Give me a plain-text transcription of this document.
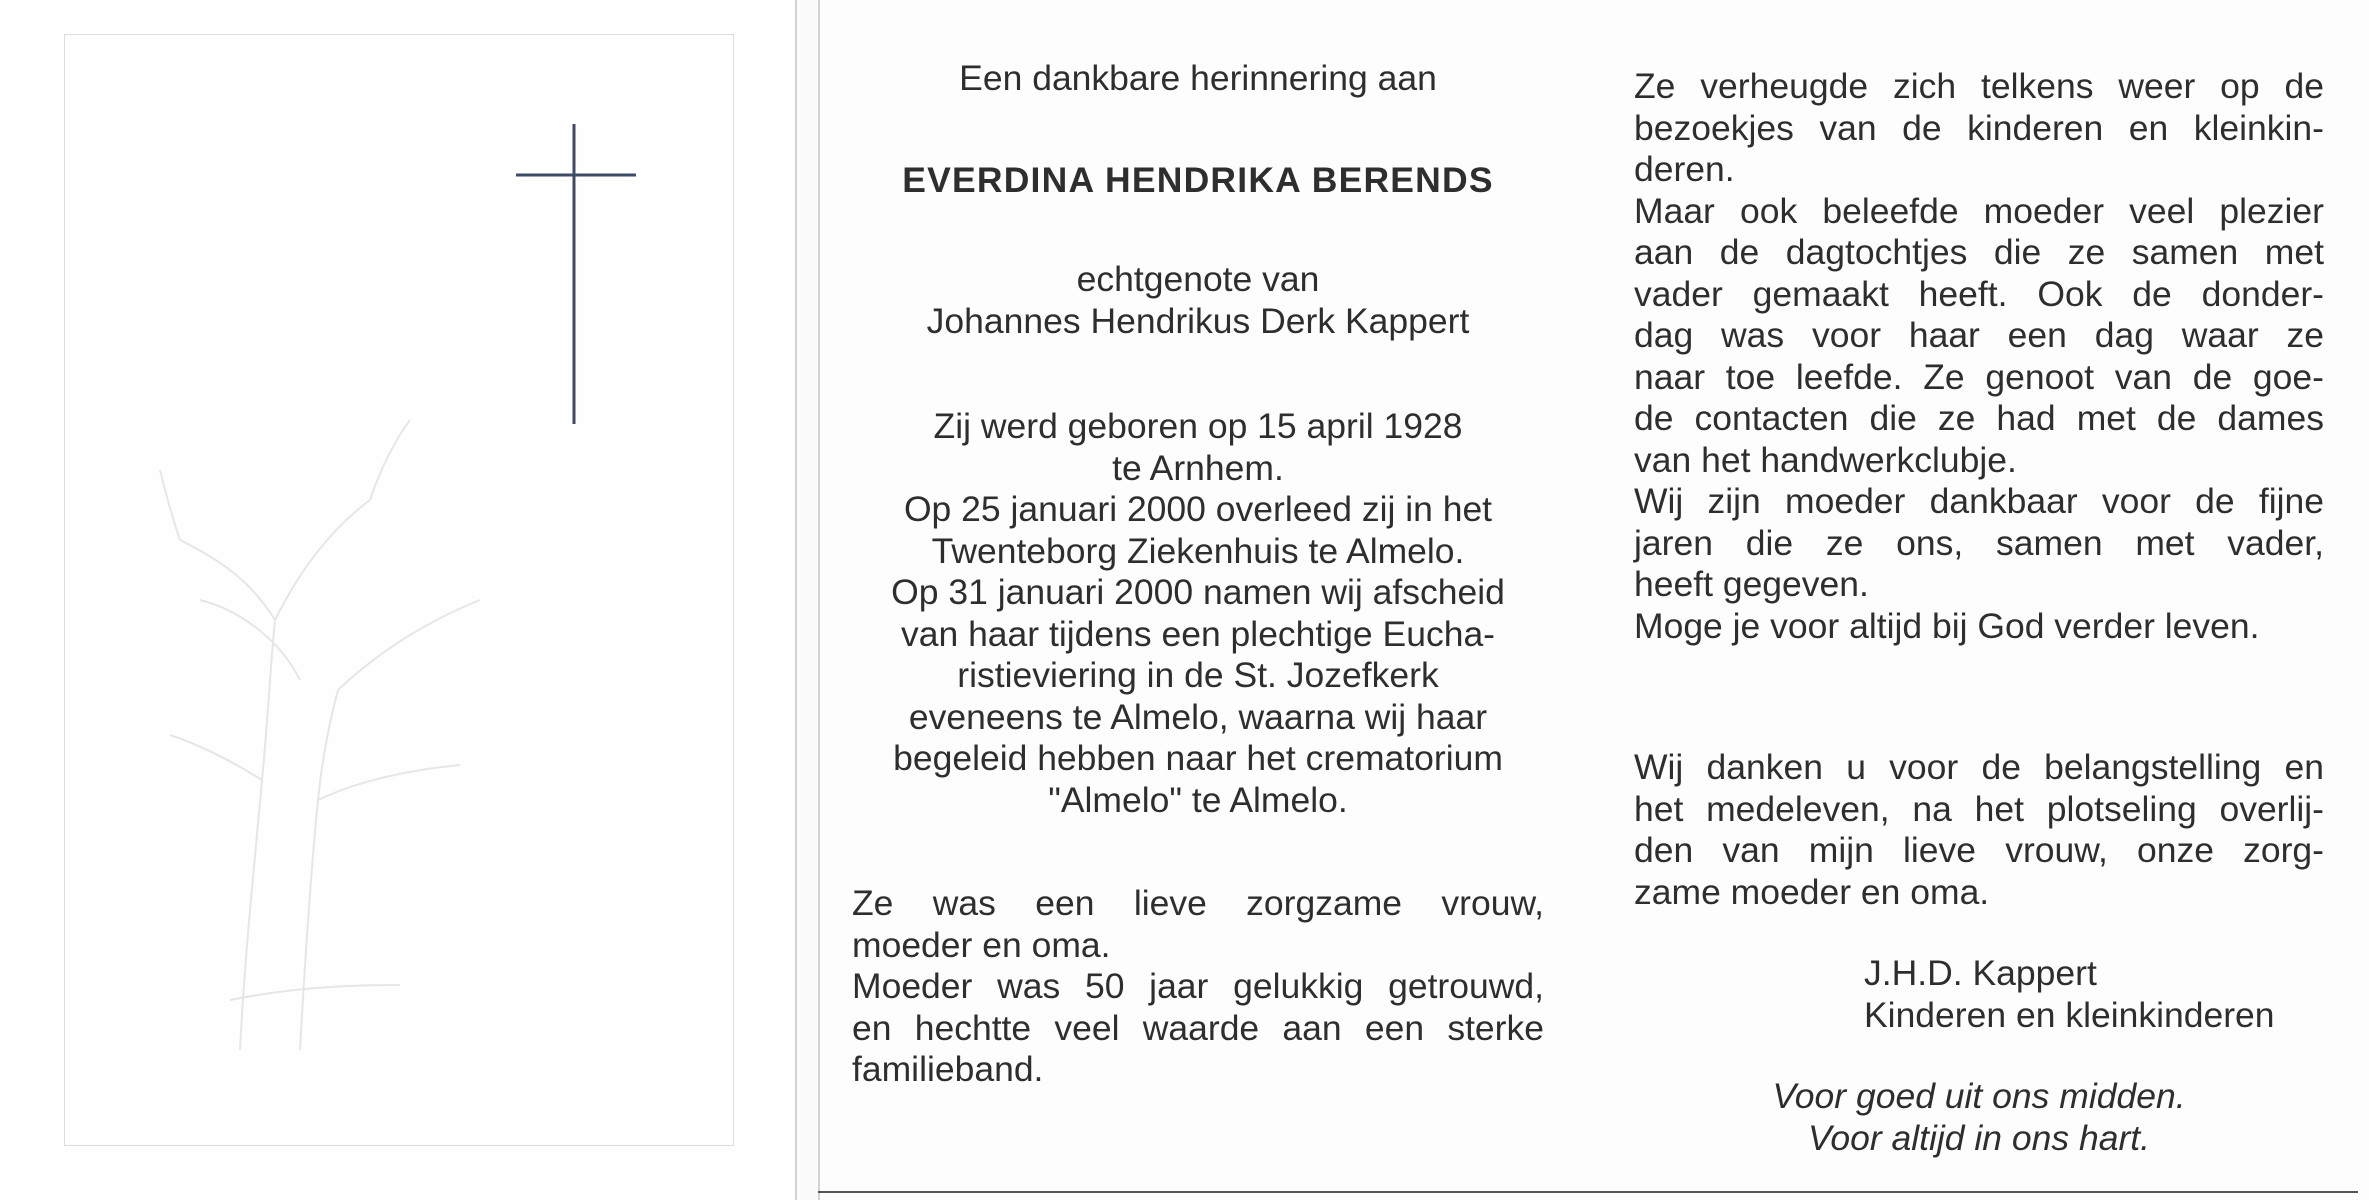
Een dankbare herinnering aan
EVERDINA HENDRIKA BERENDS
echtgenote van
Johannes Hendrikus Derk Kappert
Zij werd geboren op 15 april 1928
te Arnhem.
Op 25 januari 2000 overleed zij in het
Twenteborg Ziekenhuis te Almelo.
Op 31 januari 2000 namen wij afscheid
van haar tijdens een plechtige Eucha-
ristieviering in de St. Jozefkerk
eveneens te Almelo, waarna wij haar
begeleid hebben naar het crematorium
"Almelo" te Almelo.
Ze was een lieve zorgzame vrouw,
moeder en oma.
Moeder was 50 jaar gelukkig getrouwd,
en hechtte veel waarde aan een sterke
familieband.
Ze verheugde zich telkens weer op de
bezoekjes van de kinderen en kleinkin-
deren.
Maar ook beleefde moeder veel plezier
aan de dagtochtjes die ze samen met
vader gemaakt heeft. Ook de donder-
dag was voor haar een dag waar ze
naar toe leefde. Ze genoot van de goe-
de contacten die ze had met de dames
van het handwerkclubje.
Wij zijn moeder dankbaar voor de fijne
jaren die ze ons, samen met vader,
heeft gegeven.
Moge je voor altijd bij God verder leven.
Wij danken u voor de belangstelling en
het medeleven, na het plotseling overlij-
den van mijn lieve vrouw, onze zorg-
zame moeder en oma.
J.H.D. Kappert
Kinderen en kleinkinderen
Voor goed uit ons midden.
Voor altijd in ons hart.
